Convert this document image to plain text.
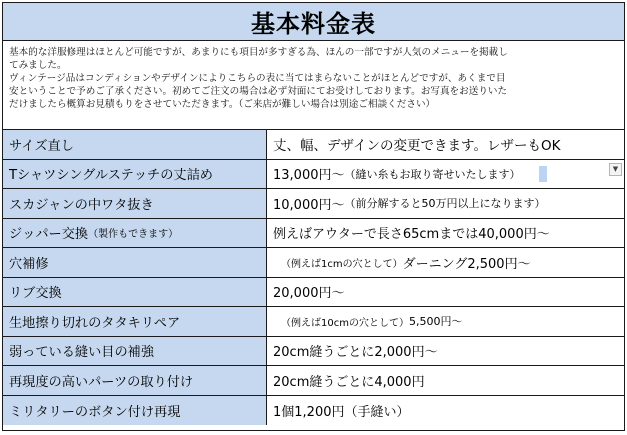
基本料金表

基本的な洋服修理はほとんど可能ですが、あまりにも項目が多すぎる為、ほんの一部ですが人気のメニューを掲載し

てみました。

ヴィンテージ品はコンディションやデザインによりこちらの表に当てはまらないことがほとんどですが、あくまで目

安ということで予めご了承ください。初めてご注文の場合は必ず対面にてお受けしております。お写真をお送りいた

だけましたら概算お見積もりをさせていただきます。（ご来店が難しい場合は別途ご相談ください）

サイズ直し	丈、幅、デザインの変更できます。レザーもOK
Tシャツシングルステッチの丈詰め	13,000円〜 （縫い糸もお取り寄せいたします）	▼
スカジャンの中ワタ抜き	10,000円〜 （前分解すると50万円以上になります）
ジッパー交換 （製作もできます）	例えばアウターで長さ65cmまでは40,000円〜
穴補修	（例えば1cmの穴として） ダーニング2,500円〜
リブ交換	20,000円〜
生地擦り切れのタタキリペア	（例えば10cmの穴として） 5,500円〜
弱っている縫い目の補強	20cm縫うごとに2,000円〜
再現度の高いパーツの取り付け	20cm縫うごとに4,000円
ミリタリーのボタン付け再現	1個1,200円（手縫い）
